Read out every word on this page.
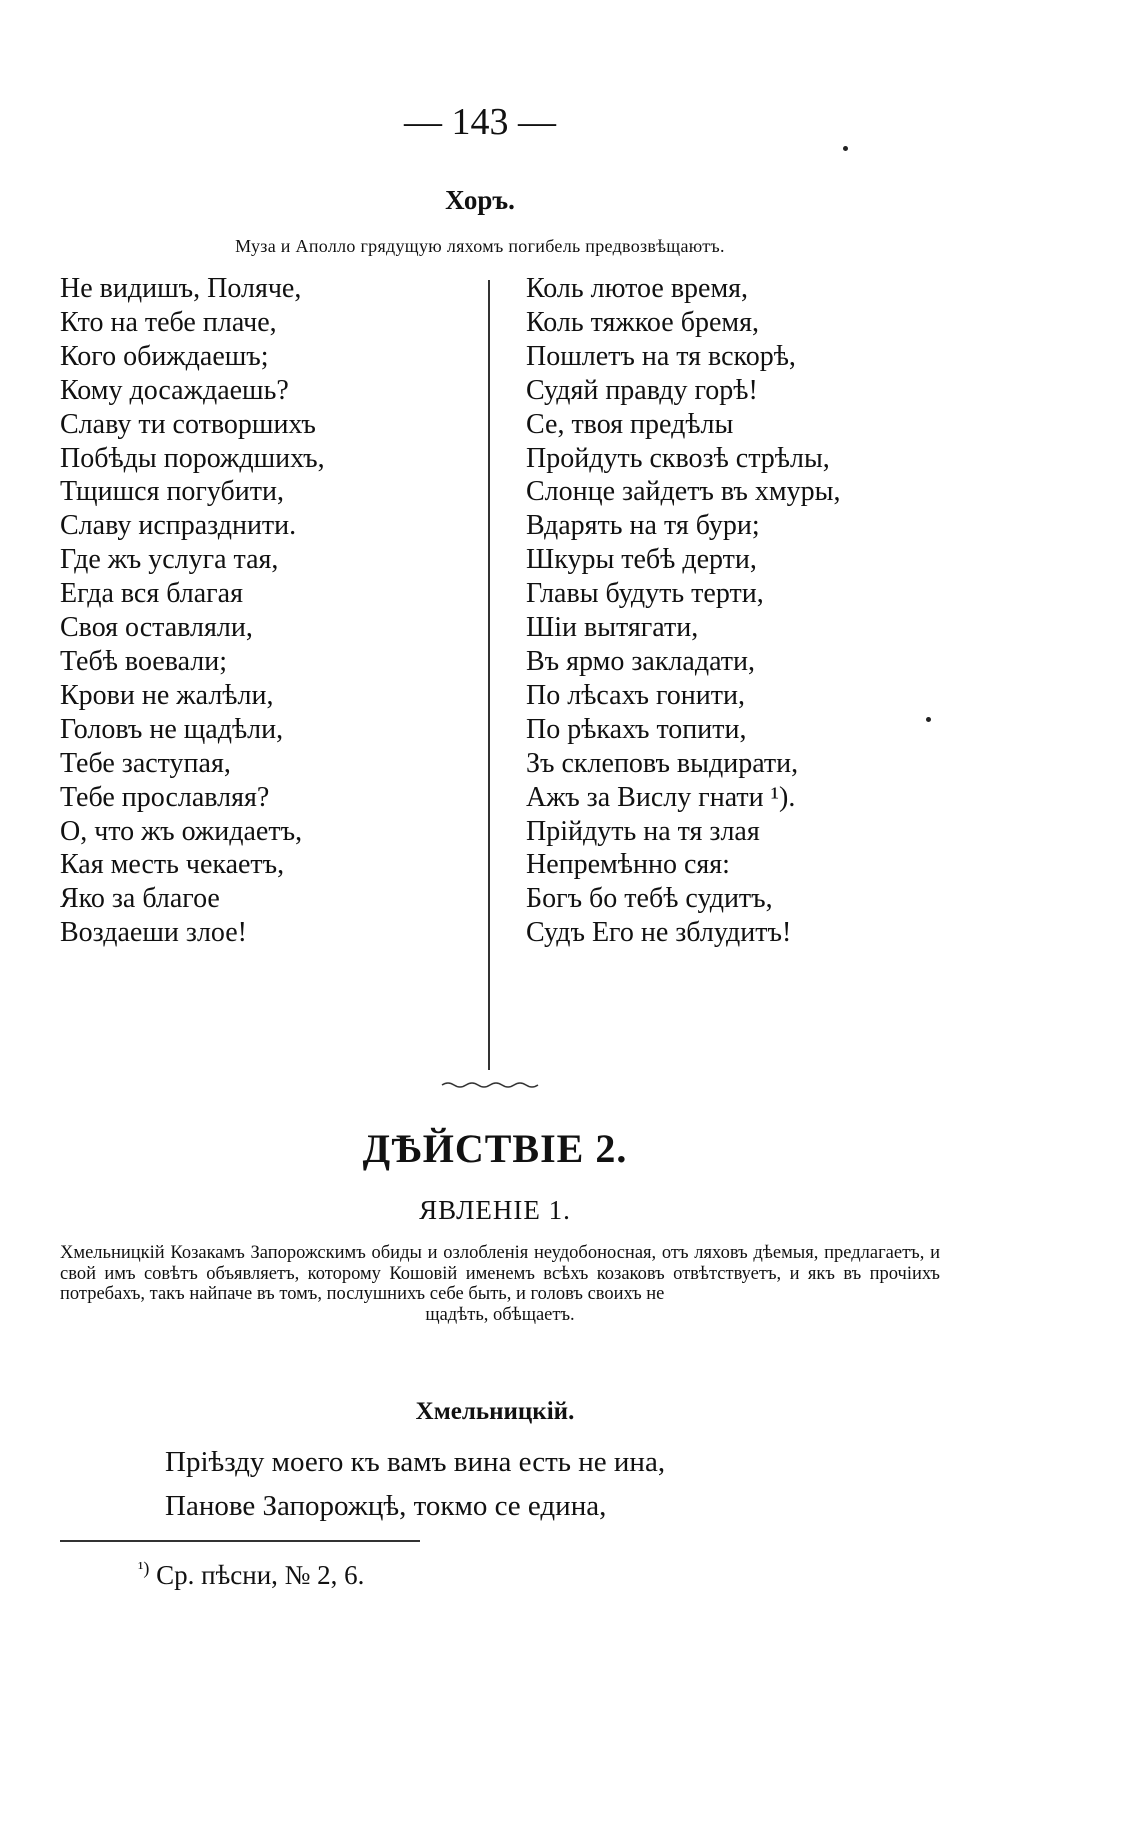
— 143 —
Хоръ.
Муза и Аполло грядущую ляхомъ погибель предвозвѣщаютъ.
Не видишъ, Поляче,
Кто на тебе плаче,
Кого обиждаешъ;
Кому досаждаешь?
Славу ти сотворшихъ
Побѣды порождшихъ,
Тщишся погубити,
Славу испразднити.
Где жъ услуга тая,
Егда вся благая
Своя оставляли,
Тебѣ воевали;
Крови не жалѣли,
Головъ не щадѣли,
Тебе заступая,
Тебе прославляя?
О, что жъ ожидаетъ,
Кая месть чекаетъ,
Яко за благое
Воздаеши злое!
Коль лютое время,
Коль тяжкое бремя,
Пошлетъ на тя вскорѣ,
Судяй правду горѣ!
Се, твоя предѣлы
Пройдуть сквозѣ стрѣлы,
Слонце зайдетъ въ хмуры,
Вдарять на тя бури;
Шкуры тебѣ дерти,
Главы будуть терти,
Шіи вытягати,
Въ ярмо закладати,
По лѣсахъ гонити,
По рѣкахъ топити,
Зъ склеповъ выдирати,
Ажъ за Вислу гнати ¹).
Прійдуть на тя злая
Непремѣнно сяя:
Богъ бо тебѣ судитъ,
Судъ Его не зблудитъ!
ДѢЙСТВІЕ 2.
ЯВЛЕНІЕ 1.
Хмельницкій Козакамъ Запорожскимъ обиды и озлобленія неудобоносная, отъ ляховъ дѣемыя, предлагаетъ, и свой имъ совѣтъ объявляетъ, которому Кошовій именемъ всѣхъ козаковъ отвѣтствуетъ, и якъ въ прочіихъ потребахъ, такъ найпаче въ томъ, послушнихъ себе быть, и головъ своихъ не
щадѣть, обѣщаетъ.
Хмельницкій.
Пріѣзду моего къ вамъ вина есть не ина,
Панове Запорожцѣ, токмо се едина,
$^{^1)}$ Ср. пѣсни, № 2, 6.
